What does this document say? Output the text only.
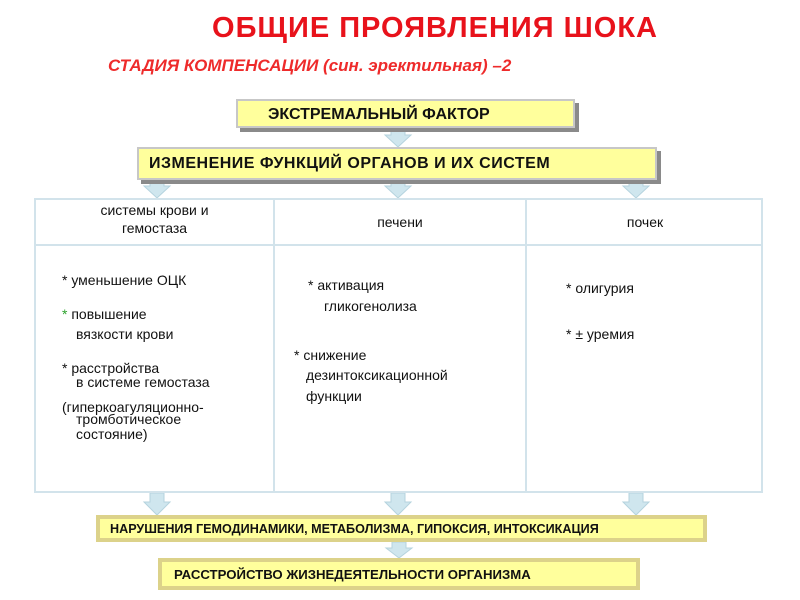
ОБЩИЕ ПРОЯВЛЕНИЯ ШОКА
СТАДИЯ КОМПЕНСАЦИИ (син. эректильная) –2
ЭКСТРЕМАЛЬНЫЙ ФАКТОР
ИЗМЕНЕНИЕ ФУНКЦИЙ ОРГАНОВ И ИХ СИСТЕМ
системы крови и
гемостаза	печени	почек
* уменьшение ОЦК
* повышение
вязкости крови
* расстройства
в системе гемостаза
(гиперкоагуляционно-
тромботическое
состояние)
* активация
гликогенолиза
* снижение
дезинтоксикационной
функции
* олигурия
* ± уремия
НАРУШЕНИЯ ГЕМОДИНАМИКИ, МЕТАБОЛИЗМА, ГИПОКСИЯ, ИНТОКСИКАЦИЯ
РАССТРОЙСТВО ЖИЗНЕДЕЯТЕЛЬНОСТИ ОРГАНИЗМА
